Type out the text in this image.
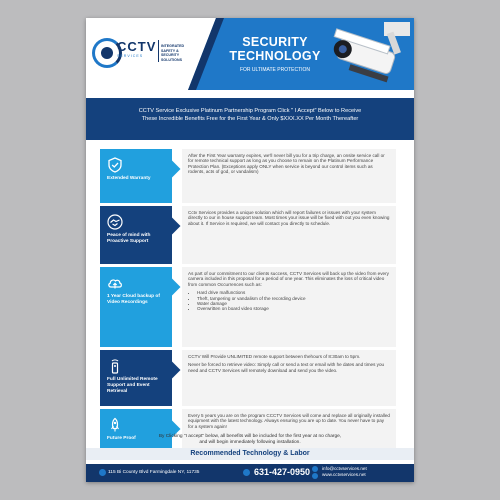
CCTV
SERVICES
INTEGRATED SAFETY & SECURITY SOLUTIONS
SECURITY
TECHNOLOGY
FOR ULTIMATE PROTECTION
CCTV Service Exclusive Platinum Partnership Program Click " I Accept" Below to Receive
These Incredible Benefits Free for the First Year & Only $XXX.XX Per Month Thereafter
Extended Warranty

After the First Year warranty expires, we'll never bill you for a trip charge, an onsite service call or for remote technical support as long as you choose to remain on the Platinum Performance Protection Plan. (Exceptions apply ONLY when service is beyond our control items such as rodents, acts of god, or vandalism)

Peace of mind with Proactive Support

Cctv Services provides a unique solution which will report failures or issues with your system directly to our in house support team. Most times your issue will be fixed with out you even knowing about it. If Service is required, we will contact you directly to schedule.

1 Year Cloud backup of Video Recordings

As part of our commitment to our clients success, CCTV Services will back up the video from every camera included in this proposal for a period of one year. This eliminates the loss of critical video from common Occurrences such as:

• Hard drive malfunctions
• Theft, tampering or vandalism of the recording device
• Water damage
• Overwritten on board video storage
Full Unlimited Remote Support and Event Retrieval

CCTV Will Provide UNLIMITED remote support between thehours of 8:30am to 5pm.

Never be forced to retrieve video: Simply call or send a text or email with he dates and times you need and CCTV Services will remotely download and send you the video.

Future Proof

Every 5 years you are on the program CCCTV Services will come and replace all originally installed equipment with the latest technology. Always ensuring you are up to date. You never have to pay for a system again!

By Clicking "I accept" below, all benefits will be included for the first year at no charge,
and will begin immediately following installation.
Recommended Technology & Labor
115 Bi County Blvd Farmingdale NY, 11735	631-427-0950	info@cctvservices.net
www.cctvservices.net
